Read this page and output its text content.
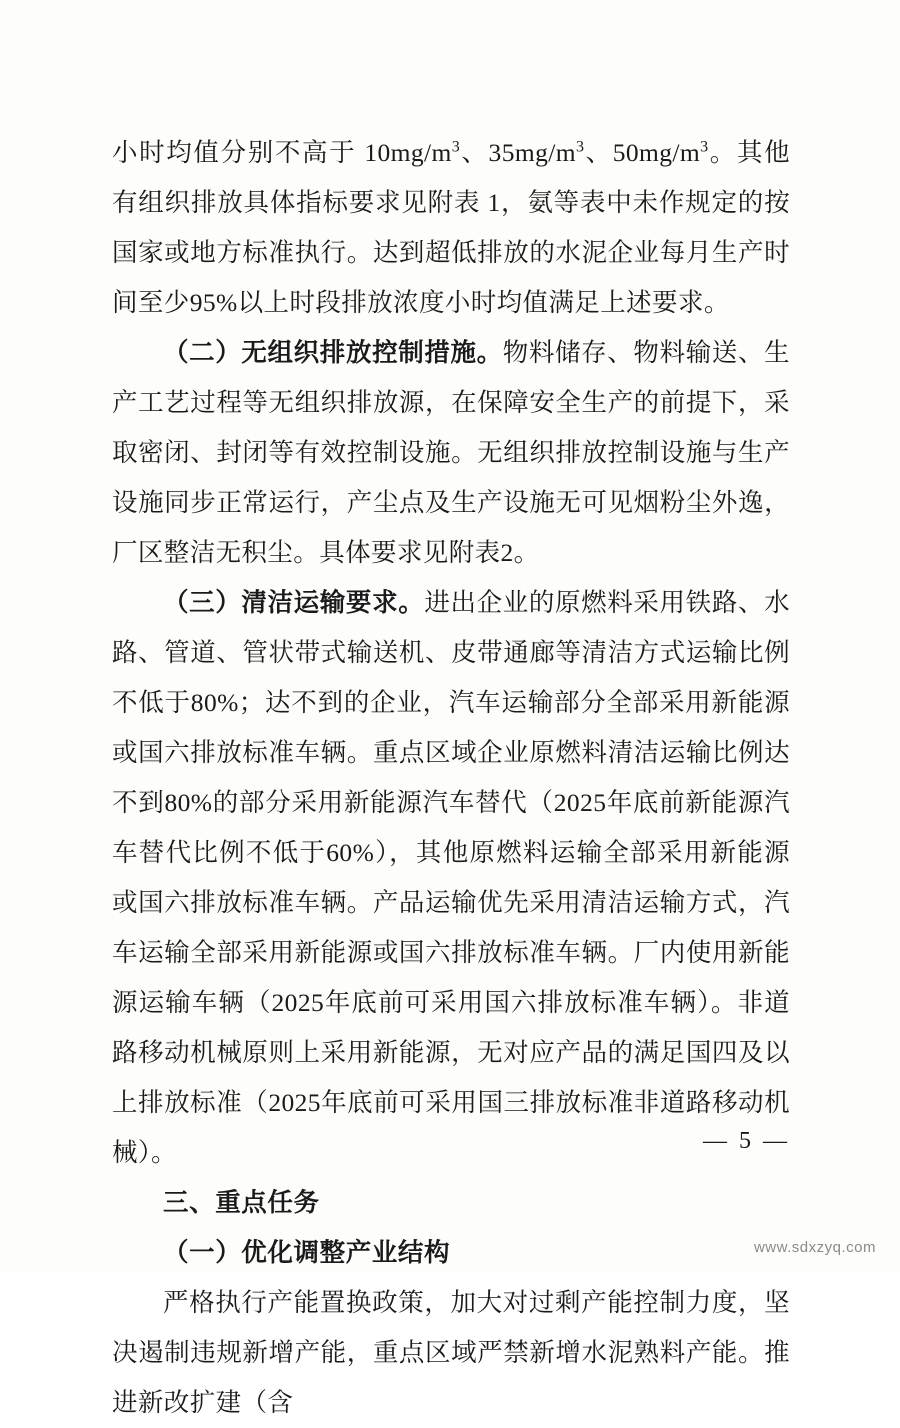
小时均值分别不高于 $10mg/m^3$、$35mg/m^3$、$50mg/m^3$。其他有组织排放具体指标要求见附表 1，氨等表中未作规定的按国家或地方标准执行。达到超低排放的水泥企业每月生产时间至少95%以上时段排放浓度小时均值满足上述要求。

（二）无组织排放控制措施。物料储存、物料输送、生产工艺过程等无组织排放源，在保障安全生产的前提下，采取密闭、封闭等有效控制设施。无组织排放控制设施与生产设施同步正常运行，产尘点及生产设施无可见烟粉尘外逸，厂区整洁无积尘。具体要求见附表2。

（三）清洁运输要求。进出企业的原燃料采用铁路、水路、管道、管状带式输送机、皮带通廊等清洁方式运输比例不低于80%；达不到的企业，汽车运输部分全部采用新能源或国六排放标准车辆。重点区域企业原燃料清洁运输比例达不到80%的部分采用新能源汽车替代（2025年底前新能源汽车替代比例不低于60%），其他原燃料运输全部采用新能源或国六排放标准车辆。产品运输优先采用清洁运输方式，汽车运输全部采用新能源或国六排放标准车辆。厂内使用新能源运输车辆（2025年底前可采用国六排放标准车辆）。非道路移动机械原则上采用新能源，无对应产品的满足国四及以上排放标准（2025年底前可采用国三排放标准非道路移动机械）。

三、重点任务

（一）优化调整产业结构

严格执行产能置换政策，加大对过剩产能控制力度，坚决遏制违规新增产能，重点区域严禁新增水泥熟料产能。推进新改扩建（含

— 5 —
www.sdxzyq.com
